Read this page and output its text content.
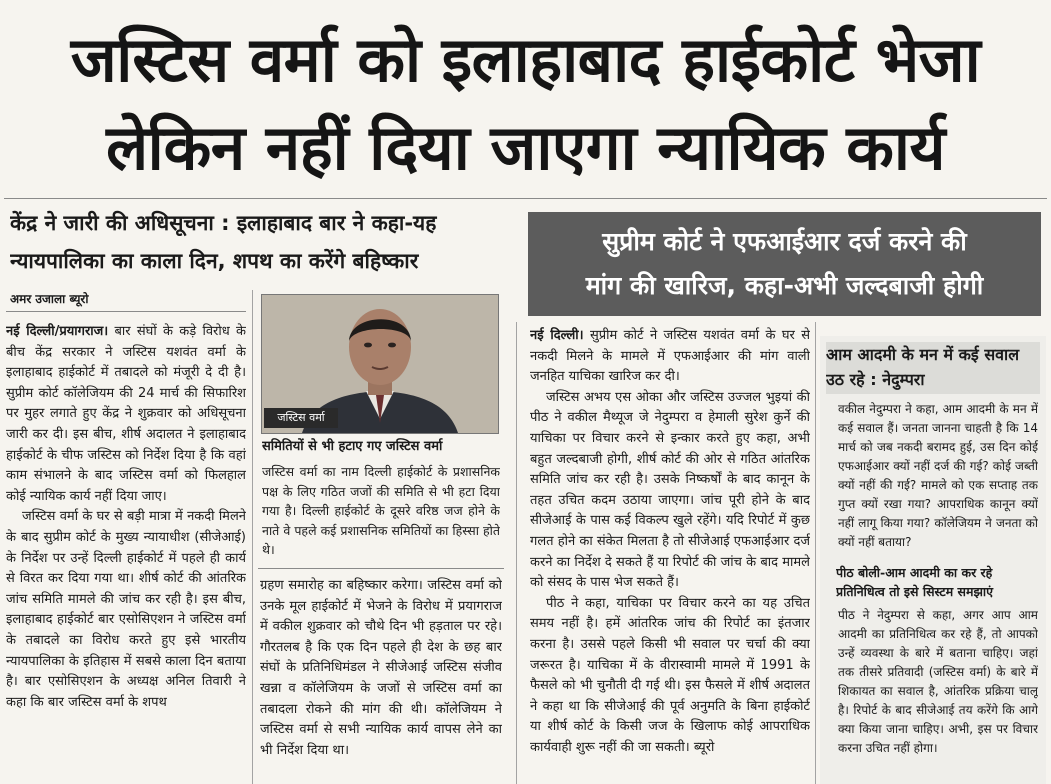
जस्टिस वर्मा को इलाहाबाद हाईकोर्ट भेजा
लेकिन नहीं दिया जाएगा न्यायिक कार्य
केंद्र ने जारी की अधिसूचना : इलाहाबाद बार ने कहा-यह
न्यायपालिका का काला दिन, शपथ का करेंगे बहिष्कार
सुप्रीम कोर्ट ने एफआईआर दर्ज करने की
मांग की खारिज, कहा-अभी जल्दबाजी होगी
अमर उजाला ब्यूरो

नई दिल्ली/प्रयागराज। बार संघों के कड़े विरोध के बीच केंद्र सरकार ने जस्टिस यशवंत वर्मा के इलाहाबाद हाईकोर्ट में तबादले को मंजूरी दे दी है। सुप्रीम कोर्ट कॉलेजियम की 24 मार्च की सिफारिश पर मुहर लगाते हुए केंद्र ने शुक्रवार को अधिसूचना जारी कर दी। इस बीच, शीर्ष अदालत ने इलाहाबाद हाईकोर्ट के चीफ जस्टिस को निर्देश दिया है कि वहां काम संभालने के बाद जस्टिस वर्मा को फिलहाल कोई न्यायिक कार्य नहीं दिया जाए।

जस्टिस वर्मा के घर से बड़ी मात्रा में नकदी मिलने के बाद सुप्रीम कोर्ट के मुख्य न्यायाधीश (सीजेआई) के निर्देश पर उन्हें दिल्ली हाईकोर्ट में पहले ही कार्य से विरत कर दिया गया था। शीर्ष कोर्ट की आंतरिक जांच समिति मामले की जांच कर रही है। इस बीच, इलाहाबाद हाईकोर्ट बार एसोसिएशन ने जस्टिस वर्मा के तबादले का विरोध करते हुए इसे भारतीय न्यायपालिका के इतिहास में सबसे काला दिन बताया है। बार एसोसिएशन के अध्यक्ष अनिल तिवारी ने कहा कि बार जस्टिस वर्मा के शपथ

जस्टिस वर्मा
समितियों से भी हटाए गए जस्टिस वर्मा
जस्टिस वर्मा का नाम दिल्ली हाईकोर्ट के प्रशासनिक पक्ष के लिए गठित जजों की समिति से भी हटा दिया गया है। दिल्ली हाईकोर्ट के दूसरे वरिष्ठ जज होने के नाते वे पहले कई प्रशासनिक समितियों का हिस्सा होते थे।

ग्रहण समारोह का बहिष्कार करेगा। जस्टिस वर्मा को उनके मूल हाईकोर्ट में भेजने के विरोध में प्रयागराज में वकील शुक्रवार को चौथे दिन भी हड़ताल पर रहे। गौरतलब है कि एक दिन पहले ही देश के छह बार संघों के प्रतिनिधिमंडल ने सीजेआई जस्टिस संजीव खन्ना व कॉलेजियम के जजों से जस्टिस वर्मा का तबादला रोकने की मांग की थी। कॉलेजियम ने जस्टिस वर्मा से सभी न्यायिक कार्य वापस लेने का भी निर्देश दिया था।

नई दिल्ली। सुप्रीम कोर्ट ने जस्टिस यशवंत वर्मा के घर से नकदी मिलने के मामले में एफआईआर की मांग वाली जनहित याचिका खारिज कर दी।

जस्टिस अभय एस ओका और जस्टिस उज्जल भुइयां की पीठ ने वकील मैथ्यूज जे नेदुम्परा व हेमाली सुरेश कुर्ने की याचिका पर विचार करने से इन्कार करते हुए कहा, अभी बहुत जल्दबाजी होगी, शीर्ष कोर्ट की ओर से गठित आंतरिक समिति जांच कर रही है। उसके निष्कर्षों के बाद कानून के तहत उचित कदम उठाया जाएगा। जांच पूरी होने के बाद सीजेआई के पास कई विकल्प खुले रहेंगे। यदि रिपोर्ट में कुछ गलत होने का संकेत मिलता है तो सीजेआई एफआईआर दर्ज करने का निर्देश दे सकते हैं या रिपोर्ट की जांच के बाद मामले को संसद के पास भेज सकते हैं।

पीठ ने कहा, याचिका पर विचार करने का यह उचित समय नहीं है। हमें आंतरिक जांच की रिपोर्ट का इंतजार करना है। उससे पहले किसी भी सवाल पर चर्चा की क्या जरूरत है। याचिका में के वीरास्वामी मामले में 1991 के फैसले को भी चुनौती दी गई थी। इस फैसले में शीर्ष अदालत ने कहा था कि सीजेआई की पूर्व अनुमति के बिना हाईकोर्ट या शीर्ष कोर्ट के किसी जज के खिलाफ कोई आपराधिक कार्यवाही शुरू नहीं की जा सकती। ब्यूरो

आम आदमी के मन में कई सवाल उठ रहे : नेदुम्परा
वकील नेदुम्परा ने कहा, आम आदमी के मन में कई सवाल हैं। जनता जानना चाहती है कि 14 मार्च को जब नकदी बरामद हुई, उस दिन कोई एफआईआर क्यों नहीं दर्ज की गई? कोई जब्ती क्यों नहीं की गई? मामले को एक सप्ताह तक गुप्त क्यों रखा गया? आपराधिक कानून क्यों नहीं लागू किया गया? कॉलेजियम ने जनता को क्यों नहीं बताया?
पीठ बोली-आम आदमी का कर रहे प्रतिनिधित्व तो इसे सिस्टम समझाएं
पीठ ने नेदुम्परा से कहा, अगर आप आम आदमी का प्रतिनिधित्व कर रहे हैं, तो आपको उन्हें व्यवस्था के बारे में बताना चाहिए। जहां तक तीसरे प्रतिवादी (जस्टिस वर्मा) के बारे में शिकायत का सवाल है, आंतरिक प्रक्रिया चालू है। रिपोर्ट के बाद सीजेआई तय करेंगे कि आगे क्या किया जाना चाहिए। अभी, इस पर विचार करना उचित नहीं होगा।
